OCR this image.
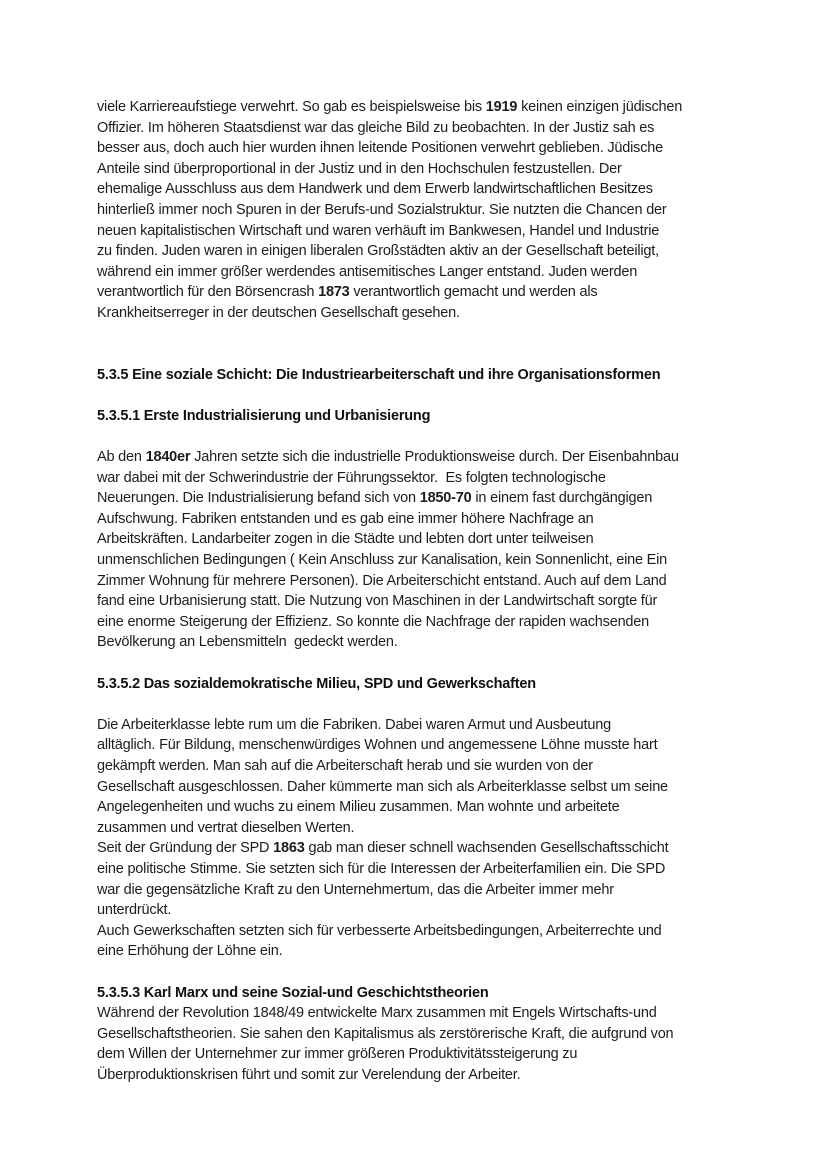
viele Karriereaufstiege verwehrt. So gab es beispielsweise bis 1919 keinen einzigen jüdischen
Offizier. Im höheren Staatsdienst war das gleiche Bild zu beobachten. In der Justiz sah es
besser aus, doch auch hier wurden ihnen leitende Positionen verwehrt geblieben. Jüdische
Anteile sind überproportional in der Justiz und in den Hochschulen festzustellen. Der
ehemalige Ausschluss aus dem Handwerk und dem Erwerb landwirtschaftlichen Besitzes
hinterließ immer noch Spuren in der Berufs-und Sozialstruktur. Sie nutzten die Chancen der
neuen kapitalistischen Wirtschaft und waren verhäuft im Bankwesen, Handel und Industrie
zu finden. Juden waren in einigen liberalen Großstädten aktiv an der Gesellschaft beteiligt,
während ein immer größer werdendes antisemitisches Langer entstand. Juden werden
verantwortlich für den Börsencrash 1873 verantwortlich gemacht und werden als
Krankheitserreger in der deutschen Gesellschaft gesehen.
5.3.5 Eine soziale Schicht: Die Industriearbeiterschaft und ihre Organisationsformen
5.3.5.1 Erste Industrialisierung und Urbanisierung
Ab den 1840er Jahren setzte sich die industrielle Produktionsweise durch. Der Eisenbahnbau
war dabei mit der Schwerindustrie der Führungssektor.  Es folgten technologische
Neuerungen. Die Industrialisierung befand sich von 1850-70 in einem fast durchgängigen
Aufschwung. Fabriken entstanden und es gab eine immer höhere Nachfrage an
Arbeitskräften. Landarbeiter zogen in die Städte und lebten dort unter teilweisen
unmenschlichen Bedingungen ( Kein Anschluss zur Kanalisation, kein Sonnenlicht, eine Ein
Zimmer Wohnung für mehrere Personen). Die Arbeiterschicht entstand. Auch auf dem Land
fand eine Urbanisierung statt. Die Nutzung von Maschinen in der Landwirtschaft sorgte für
eine enorme Steigerung der Effizienz. So konnte die Nachfrage der rapiden wachsenden
Bevölkerung an Lebensmitteln  gedeckt werden.
5.3.5.2 Das sozialdemokratische Milieu, SPD und Gewerkschaften
Die Arbeiterklasse lebte rum um die Fabriken. Dabei waren Armut und Ausbeutung
alltäglich. Für Bildung, menschenwürdiges Wohnen und angemessene Löhne musste hart
gekämpft werden. Man sah auf die Arbeiterschaft herab und sie wurden von der
Gesellschaft ausgeschlossen. Daher kümmerte man sich als Arbeiterklasse selbst um seine
Angelegenheiten und wuchs zu einem Milieu zusammen. Man wohnte und arbeitete
zusammen und vertrat dieselben Werten.
Seit der Gründung der SPD 1863 gab man dieser schnell wachsenden Gesellschaftsschicht
eine politische Stimme. Sie setzten sich für die Interessen der Arbeiterfamilien ein. Die SPD
war die gegensätzliche Kraft zu den Unternehmertum, das die Arbeiter immer mehr
unterdrückt.
Auch Gewerkschaften setzten sich für verbesserte Arbeitsbedingungen, Arbeiterrechte und
eine Erhöhung der Löhne ein.
5.3.5.3 Karl Marx und seine Sozial-und Geschichtstheorien
Während der Revolution 1848/49 entwickelte Marx zusammen mit Engels Wirtschafts-und
Gesellschaftstheorien. Sie sahen den Kapitalismus als zerstörerische Kraft, die aufgrund von
dem Willen der Unternehmer zur immer größeren Produktivitätssteigerung zu
Überproduktionskrisen führt und somit zur Verelendung der Arbeiter.
